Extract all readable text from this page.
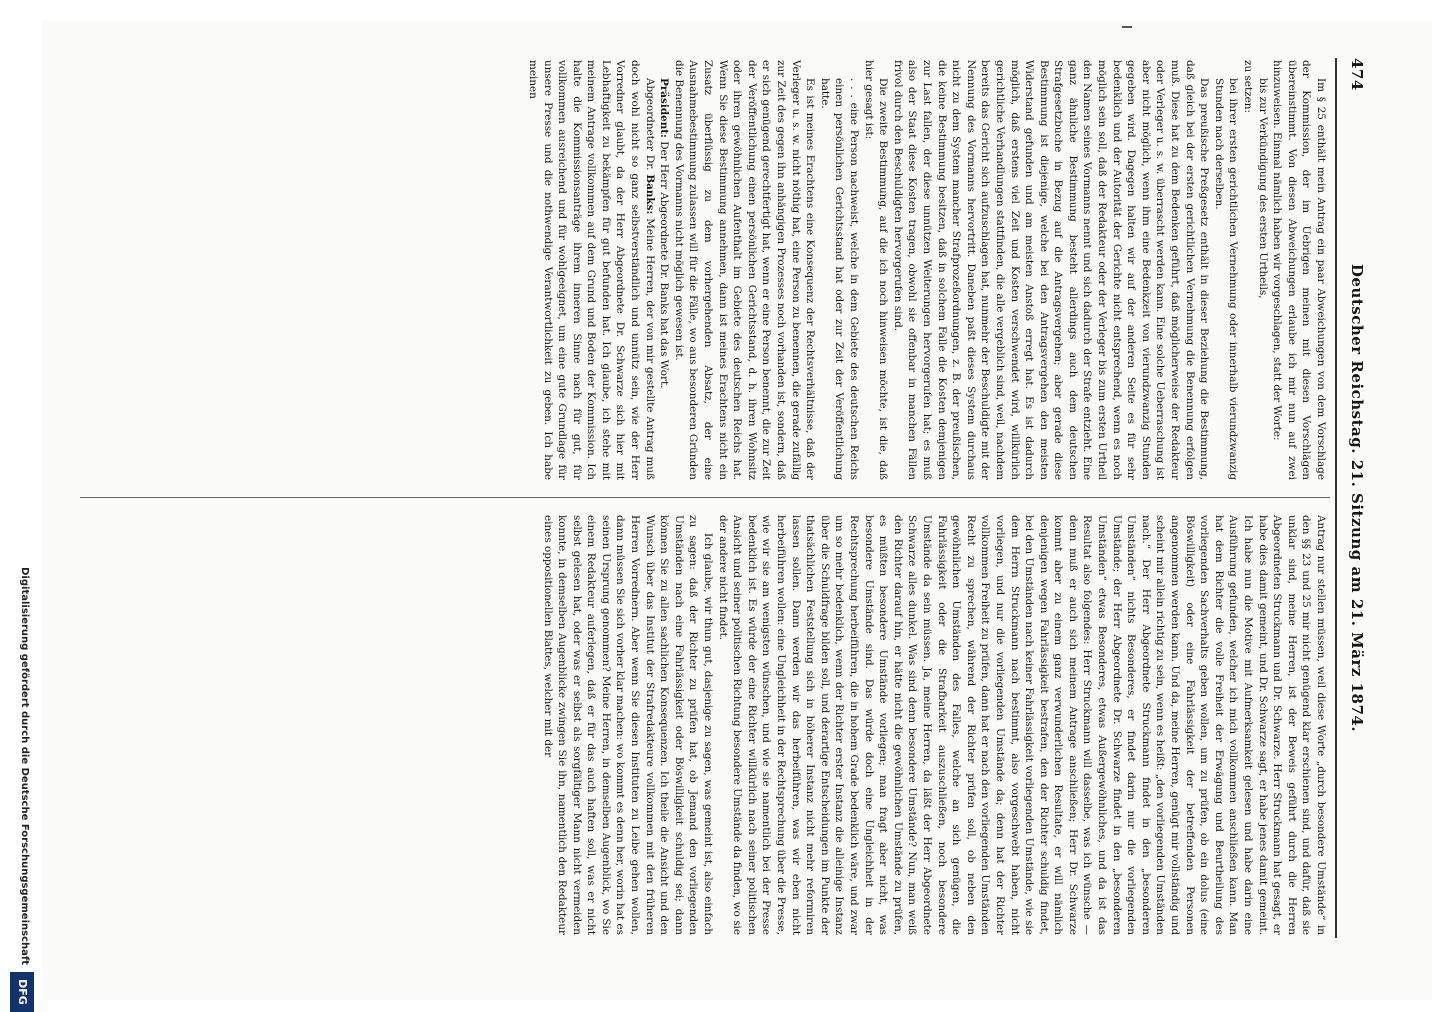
474
Deutscher Reichstag. 21. Sitzung am 21. März 1874.

Im § 25 enthält mein Antrag ein paar Abweichungen von dem Vorschlage der Kommission, der im Uebrigen meinen mit diesen Vorschlägen übereinstimmt. Von diesen Abweichungen erlaube ich mir nun auf zwei hinzuweisen. Einmal nämlich haben wir vorgeschlagen, statt der Worte:

bis zur Verkündigung des ersten Urtheils,

zu setzen:

bei ihrer ersten gerichtlichen Vernehmung oder innerhalb vierundzwanzig Stunden nach derselben.

Das preußische Preßgesetz enthält in dieser Beziehung die Bestimmung, daß gleich bei der ersten gerichtlichen Vernehmung die Benennung erfolgen muß. Diese hat zu dem Bedenken geführt, daß möglicherweise der Redakteur oder Verleger u. s. w. überrascht werden kann. Eine solche Ueberraschung ist aber nicht möglich, wenn ihm eine Bedenkzeit von vierundzwanzig Stunden gegeben wird. Dagegen halten wir auf der anderen Seite es für sehr bedenklich und der Autorität der Gerichte nicht entsprechend, wenn es noch möglich sein soll, daß der Redakteur oder der Verleger bis zum ersten Urtheil den Namen seines Vormanns nennt und sich dadurch der Strafe entzieht. Eine ganz ähnliche Bestimmung besteht allerdings auch dem deutschen Strafgesetzbuche in Bezug auf die Antragsvergehen; aber gerade diese Bestimmung ist diejenige, welche bei den Antragsvergehen den meisten Widerstand gefunden und am meisten Anstoß erregt hat. Es ist dadurch möglich, daß erstens viel Zeit und Kosten verschwendet wird, willkürlich gerichtliche Verhandlungen stattfinden, die alle vergeblich sind, weil, nachdem bereits das Gericht sich aufzuschlagen hat, nunmehr der Beschuldigte mit der Nennung des Vormanns hervortritt. Daneben paßt dieses System durchaus nicht zu dem System mancher Strafprozeßordnungen, z. B. der preußischen, die keine Bestimmung besitzen, daß in solchem Falle die Kosten demjenigen zur Last fallen, der diese unnützen Weiterungen hervorgerufen hat; es muß also der Staat diese Kosten tragen, obwohl sie offenbar in manchen Fällen frivol durch den Beschuldigten hervorgerufen sind.

Die zweite Bestimmung, auf die ich noch hinweisen möchte, ist die, daß hier gesagt ist:

. . . eine Person nachweist, welche in dem Gebiete des deutschen Reichs einen persönlichen Gerichtsstand hat oder zur Zeit der Veröffentlichung hatte.

Es ist meines Erachtens eine Konsequenz der Rechtsverhältnisse, daß der Verleger u. s. w. nicht nöthig hat, eine Person zu benennen, die gerade zufällig zur Zeit des gegen ihn anhängigen Prozesses noch vorhanden ist, sondern, daß er sich genügend gerechtfertigt hat, wenn er eine Person benennt, die zur Zeit der Veröffentlichung einen persönlichen Gerichtsstand, d. h. ihren Wohnsitz oder ihren gewöhnlichen Aufenthalt im Gebiete des deutschen Reichs hat. Wenn Sie diese Bestimmung annehmen, dann ist meines Erachtens nicht ein Zusatz überflüssig zu dem vorhergehenden Absatz, der eine Ausnahmebestimmung zulassen will für die Fälle, wo aus besonderen Gründen die Benennung des Vormanns nicht möglich gewesen ist.

Präsident: Der Herr Abgeordnete Dr. Banks hat das Wort.

Abgeordneter Dr. Banks: Meine Herren, der von mir gestellte Antrag muß doch wohl nicht so ganz selbstverständlich und unnütz sein, wie der Herr Vorredner glaubt, da der Herr Abgeordnete Dr. Schwarze sich hier mit Lebhaftigkeit zu bekämpfen für gut befunden hat. Ich glaube, ich stehe mit meinem Antrage vollkommen auf dem Grund und Boden der Kommission. Ich halte die Kommissionsanträge ihrem inneren Sinne nach für gut, für vollkommen ausreichend und für wohlgeeignet, um eine gute Grundlage für unsere Presse und die nothwendige Verantwortlichkeit zu geben. Ich habe meinen

Antrag nur stellen müssen, weil diese Worte „durch besondere Umstände“ in den §§ 23 und 25 mir nicht genügend klar erschienen sind, und dafür, daß sie unklar sind, meine Herren, ist der Beweis geführt durch die Herren Abgeordneten Struckmann und Dr. Schwarze. Herr Struckmann hat gesagt, er habe dies damit gemeint, und Dr. Schwarze sagt, er habe jenes damit gemeint. Ich habe nun die Motive mit Aufmerksamkeit gelesen und habe darin eine Ausführung gefunden, welcher ich mich vollkommen anschließen kann. Man hat dem Richter die volle Freiheit der Erwägung und Beurtheilung des vorliegenden Sachverhalts geben wollen, um zu prüfen, ob ein dolus (eine Böswilligkeit) oder eine Fahrlässigkeit der betreffenden Personen angenommen werden kann. Und da, meine Herren, genügt mir vollständig und scheint mir allein richtig zu sein, wenn es heißt: „den vorliegenden Umständen nach.“ Der Herr Abgeordnete Struckmann findet in den „besonderen Umständen“ nichts Besonderes, er findet darin nur die vorliegenden Umstände; der Herr Abgeordnete Dr. Schwarze findet in den „besonderen Umständen“ etwas Besonderes, etwas Außergewöhnliches, und da ist das Resultat also folgendes: Herr Struckmann will dasselbe, was ich wünsche — denn muß er auch sich meinem Antrage anschließen; Herr Dr. Schwarze kommt aber zu einem ganz verwunderlichen Resultate, er will nämlich denjenigen wegen Fahrlässigkeit bestrafen, den der Richter schuldig findet, bei den Umständen nach keiner Fahrlässigkeit vorliegenden Umstände, wie sie dem Herrn Struckmann nach bestimmt, also vorgeschwebt haben, nicht vorliegen, und nur die vorliegenden Umstände da; denn hat der Richter vollkommen Freiheit zu prüfen, dann hat er nach den vorliegenden Umständen Recht zu sprechen, während der Richter prüfen soll, ob neben den gewöhnlichen Umständen des Falles, welche an sich genügen, die Fahrlässigkeit oder die Strafbarkeit auszuschließen, noch besondere Umstände da sein müssen. Ja, meine Herren, da läßt der Herr Abgeordnete Schwarze alles dunkel. Was sind denn besondere Umstände? Nun, man weiß den Richter darauf hin, er hätte nicht die gewöhnlichen Umstände zu prüfen, es müßten besondere Umstände vorliegen; man fragt aber nicht, was besondere Umstände sind. Das würde doch eine Ungleichheit in der Rechtsprechung herbeiführen, die in hohem Grade bedenklich wäre, und zwar um so mehr bedenklich, wenn der Richter erster Instanz die alleinige Instanz über die Schuldfrage bilden soll, und derartige Entscheidungen im Punkte der thatsächlichen Feststellung sich in höherer Instanz nicht mehr reformiren lassen sollen. Dann werden wir das herbeiführen, was wir eben nicht herbeiführen wollen: eine Ungleichheit in der Rechtsprechung über die Presse, wie wir sie am wenigsten wünschen, und wie sie namentlich bei der Presse bedenklich ist. Es würde der eine Richter willkürlich nach seiner politischen Ansicht und seiner politischen Richtung besondere Umstände da finden, wo sie der andere nicht findet.

Ich glaube, wir thun gut, dasjenige zu sagen, was gemeint ist, also einfach zu sagen: daß der Richter zu prüfen hat, ob Jemand den vorliegenden Umständen nach eine Fahrlässigkeit oder Böswilligkeit schuldig sei; dann können Sie zu allen sachlichen Konsequenzen. Ich theile die Ansicht und den Wunsch über das Institut der Strafredakteure vollkommen mit den früheren Herren Vorrednern. Aber wenn Sie diesen Instituten zu Leibe gehen wollen, dann müssen Sie sich vorher klar machen: wo kommt es denn her, worin hat es seinen Ursprung genommen? Meine Herren, in demselben Augenblick, wo Sie einem Redakteur auferlegen, daß er für das auch haften soll, was er nicht selbst gelesen hat, oder was er selbst als sorgfältiger Mann nicht vermeiden konnte, in demselben Augenblicke zwingen Sie ihn, namentlich den Redakteur eines oppositionellen Blattes, welcher mit der

Digitalisierung gefördert durch die Deutsche Forschungsgemeinschaft
DFG
